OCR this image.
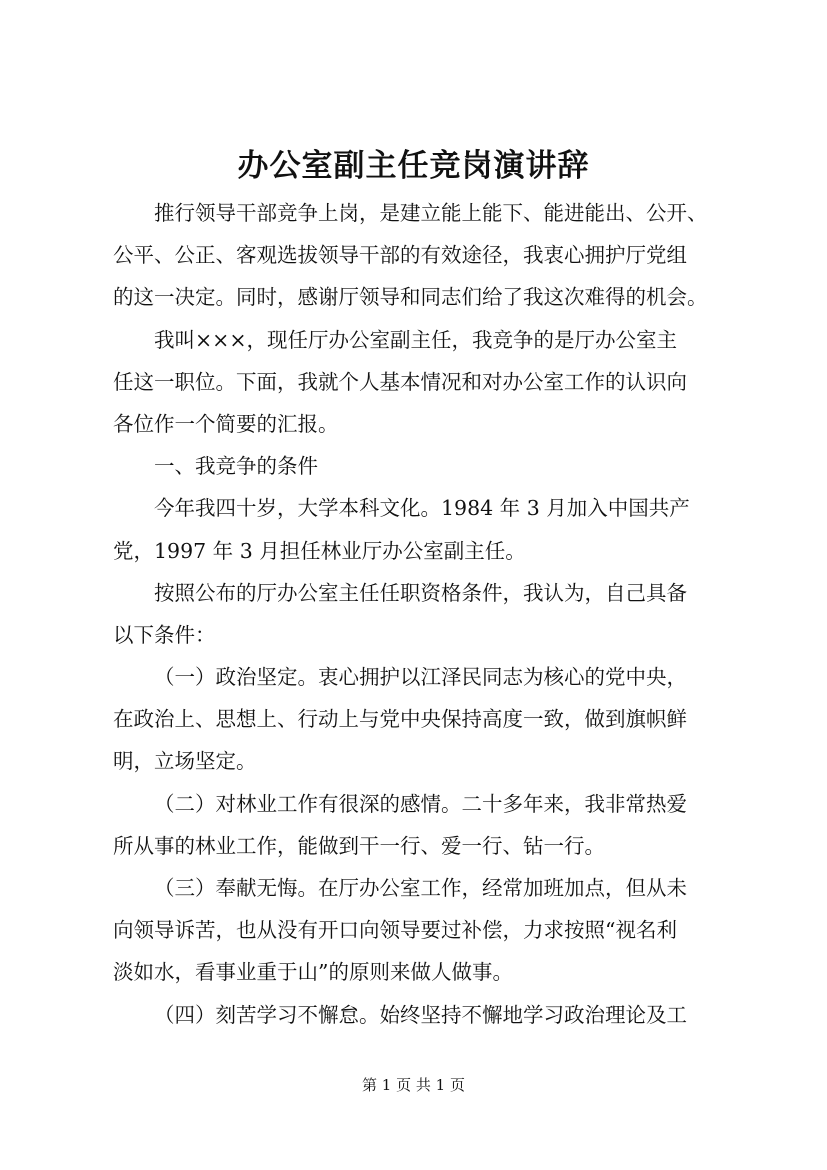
办公室副主任竞岗演讲辞
推行领导干部竞争上岗，是建立能上能下、能进能出、公开、
公平、公正、客观选拔领导干部的有效途径，我衷心拥护厅党组
的这一决定。同时，感谢厅领导和同志们给了我这次难得的机会。
我叫×××，现任厅办公室副主任，我竞争的是厅办公室主
任这一职位。下面，我就个人基本情况和对办公室工作的认识向
各位作一个简要的汇报。
一、我竞争的条件
今年我四十岁，大学本科文化。1984 年 3 月加入中国共产
党，1997 年 3 月担任林业厅办公室副主任。
按照公布的厅办公室主任任职资格条件，我认为，自己具备
以下条件：
（一）政治坚定。衷心拥护以江泽民同志为核心的党中央，
在政治上、思想上、行动上与党中央保持高度一致，做到旗帜鲜
明，立场坚定。
（二）对林业工作有很深的感情。二十多年来，我非常热爱
所从事的林业工作，能做到干一行、爱一行、钻一行。
（三）奉献无悔。在厅办公室工作，经常加班加点，但从未
向领导诉苦，也从没有开口向领导要过补偿，力求按照“视名利
淡如水，看事业重于山”的原则来做人做事。
（四）刻苦学习不懈怠。始终坚持不懈地学习政治理论及工
第 1 页 共 1 页
